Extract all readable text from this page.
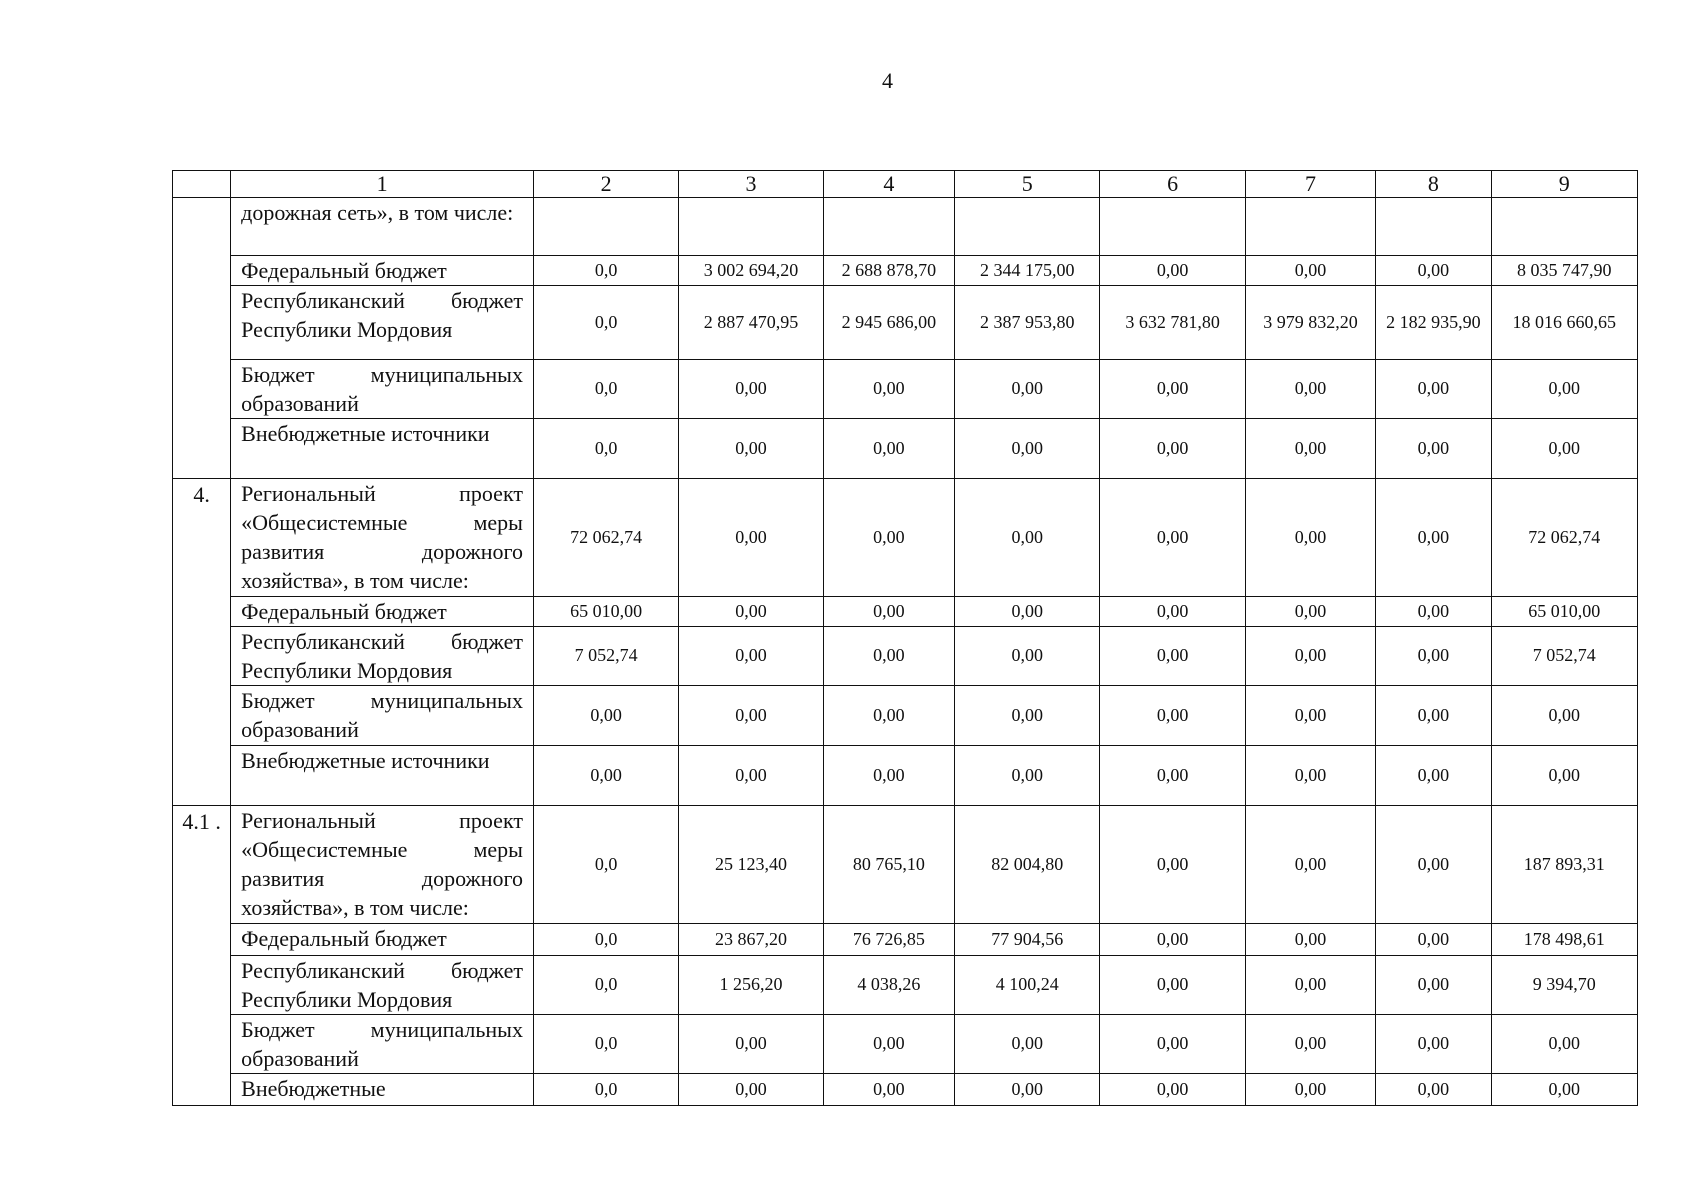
4
	1	2	3	4	5	6	7	8	9
	дорожная сеть», в том числе:								
	Федеральный бюджет	0,0	3 002 694,20	2 688 878,70	2 344 175,00	0,00	0,00	0,00	8 035 747,90
	Республиканский бюджет Республики Мордовия	0,0	2 887 470,95	2 945 686,00	2 387 953,80	3 632 781,80	3 979 832,20	2 182 935,90	18 016 660,65
	Бюджет муниципальных образований	0,0	0,00	0,00	0,00	0,00	0,00	0,00	0,00
	Внебюджетные источники	0,0	0,00	0,00	0,00	0,00	0,00	0,00	0,00
4.	Региональный проект «Общесистемные меры развития дорожного хозяйства», в том числе:	72 062,74	0,00	0,00	0,00	0,00	0,00	0,00	72 062,74
	Федеральный бюджет	65 010,00	0,00	0,00	0,00	0,00	0,00	0,00	65 010,00
	Республиканский бюджет Республики Мордовия	7 052,74	0,00	0,00	0,00	0,00	0,00	0,00	7 052,74
	Бюджет муниципальных образований	0,00	0,00	0,00	0,00	0,00	0,00	0,00	0,00
	Внебюджетные источники	0,00	0,00	0,00	0,00	0,00	0,00	0,00	0,00
4.1 .	Региональный проект «Общесистемные меры развития дорожного хозяйства», в том числе:	0,0	25 123,40	80 765,10	82 004,80	0,00	0,00	0,00	187 893,31
	Федеральный бюджет	0,0	23 867,20	76 726,85	77 904,56	0,00	0,00	0,00	178 498,61
	Республиканский бюджет Республики Мордовия	0,0	1 256,20	4 038,26	4 100,24	0,00	0,00	0,00	9 394,70
	Бюджет муниципальных образований	0,0	0,00	0,00	0,00	0,00	0,00	0,00	0,00
	Внебюджетные	0,0	0,00	0,00	0,00	0,00	0,00	0,00	0,00
